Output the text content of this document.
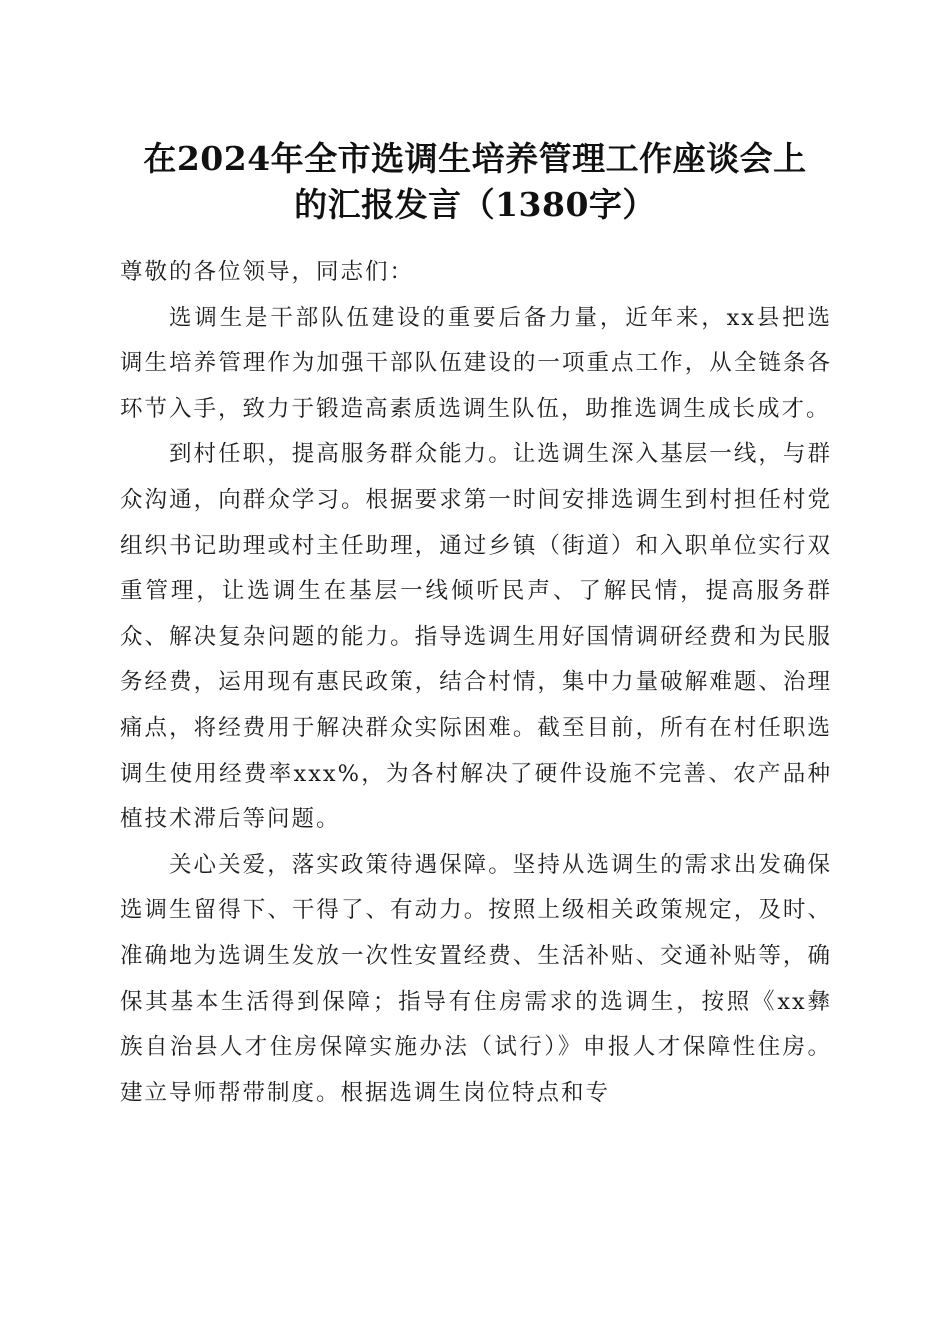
在2024年全市选调生培养管理工作座谈会上
的汇报发言（1380字）

尊敬的各位领导，同志们：

选调生是干部队伍建设的重要后备力量，近年来，xx县把选调生培养管理作为加强干部队伍建设的一项重点工作，从全链条各环节入手，致力于锻造高素质选调生队伍，助推选调生成长成才。

到村任职，提高服务群众能力。让选调生深入基层一线，与群众沟通，向群众学习。根据要求第一时间安排选调生到村担任村党组织书记助理或村主任助理，通过乡镇（街道）和入职单位实行双重管理，让选调生在基层一线倾听民声、了解民情，提高服务群众、解决复杂问题的能力。指导选调生用好国情调研经费和为民服务经费，运用现有惠民政策，结合村情，集中力量破解难题、治理痛点，将经费用于解决群众实际困难。截至目前，所有在村任职选调生使用经费率xxx%，为各村解决了硬件设施不完善、农产品种植技术滞后等问题。

关心关爱，落实政策待遇保障。坚持从选调生的需求出发确保选调生留得下、干得了、有动力。按照上级相关政策规定，及时、准确地为选调生发放一次性安置经费、生活补贴、交通补贴等，确保其基本生活得到保障；指导有住房需求的选调生，按照《xx彝族自治县人才住房保障实施办法（试行）》申报人才保障性住房。建立导师帮带制度。根据选调生岗位特点和专
